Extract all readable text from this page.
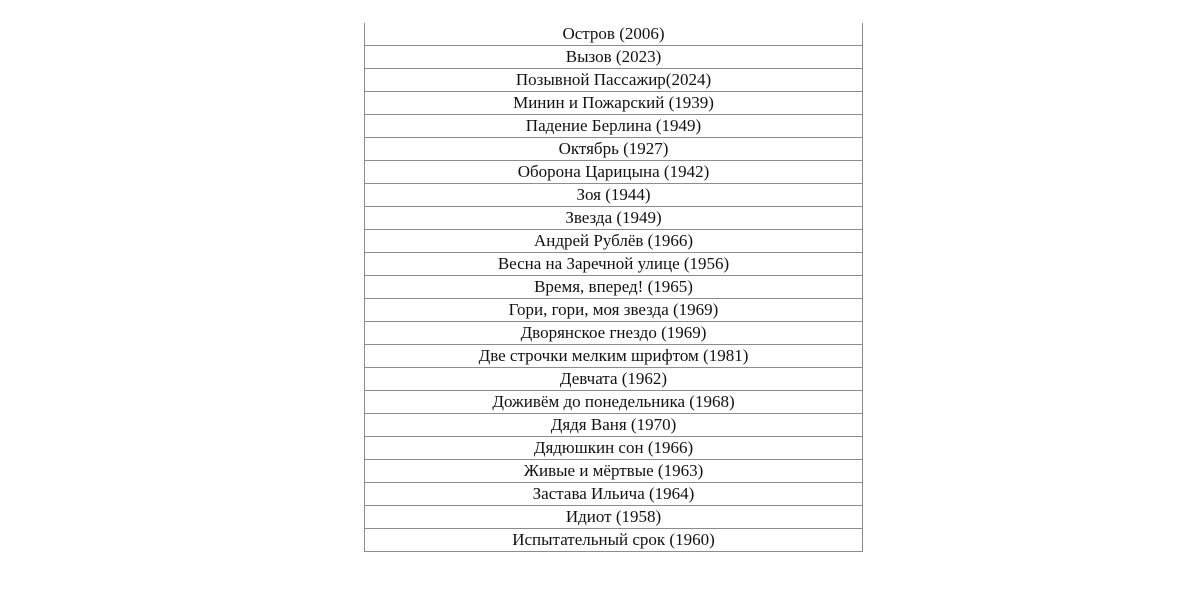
Остров (2006)
Вызов (2023)
Позывной Пассажир(2024)
Минин и Пожарский (1939)
Падение Берлина (1949)
Октябрь (1927)
Оборона Царицына (1942)
Зоя (1944)
Звезда (1949)
Андрей Рублёв (1966)
Весна на Заречной улице (1956)
Время, вперед! (1965)
Гори, гори, моя звезда (1969)
Дворянское гнездо (1969)
Две строчки мелким шрифтом (1981)
Девчата (1962)
Доживём до понедельника (1968)
Дядя Ваня (1970)
Дядюшкин сон (1966)
Живые и мёртвые (1963)
Застава Ильича (1964)
Идиот (1958)
Испытательный срок (1960)
